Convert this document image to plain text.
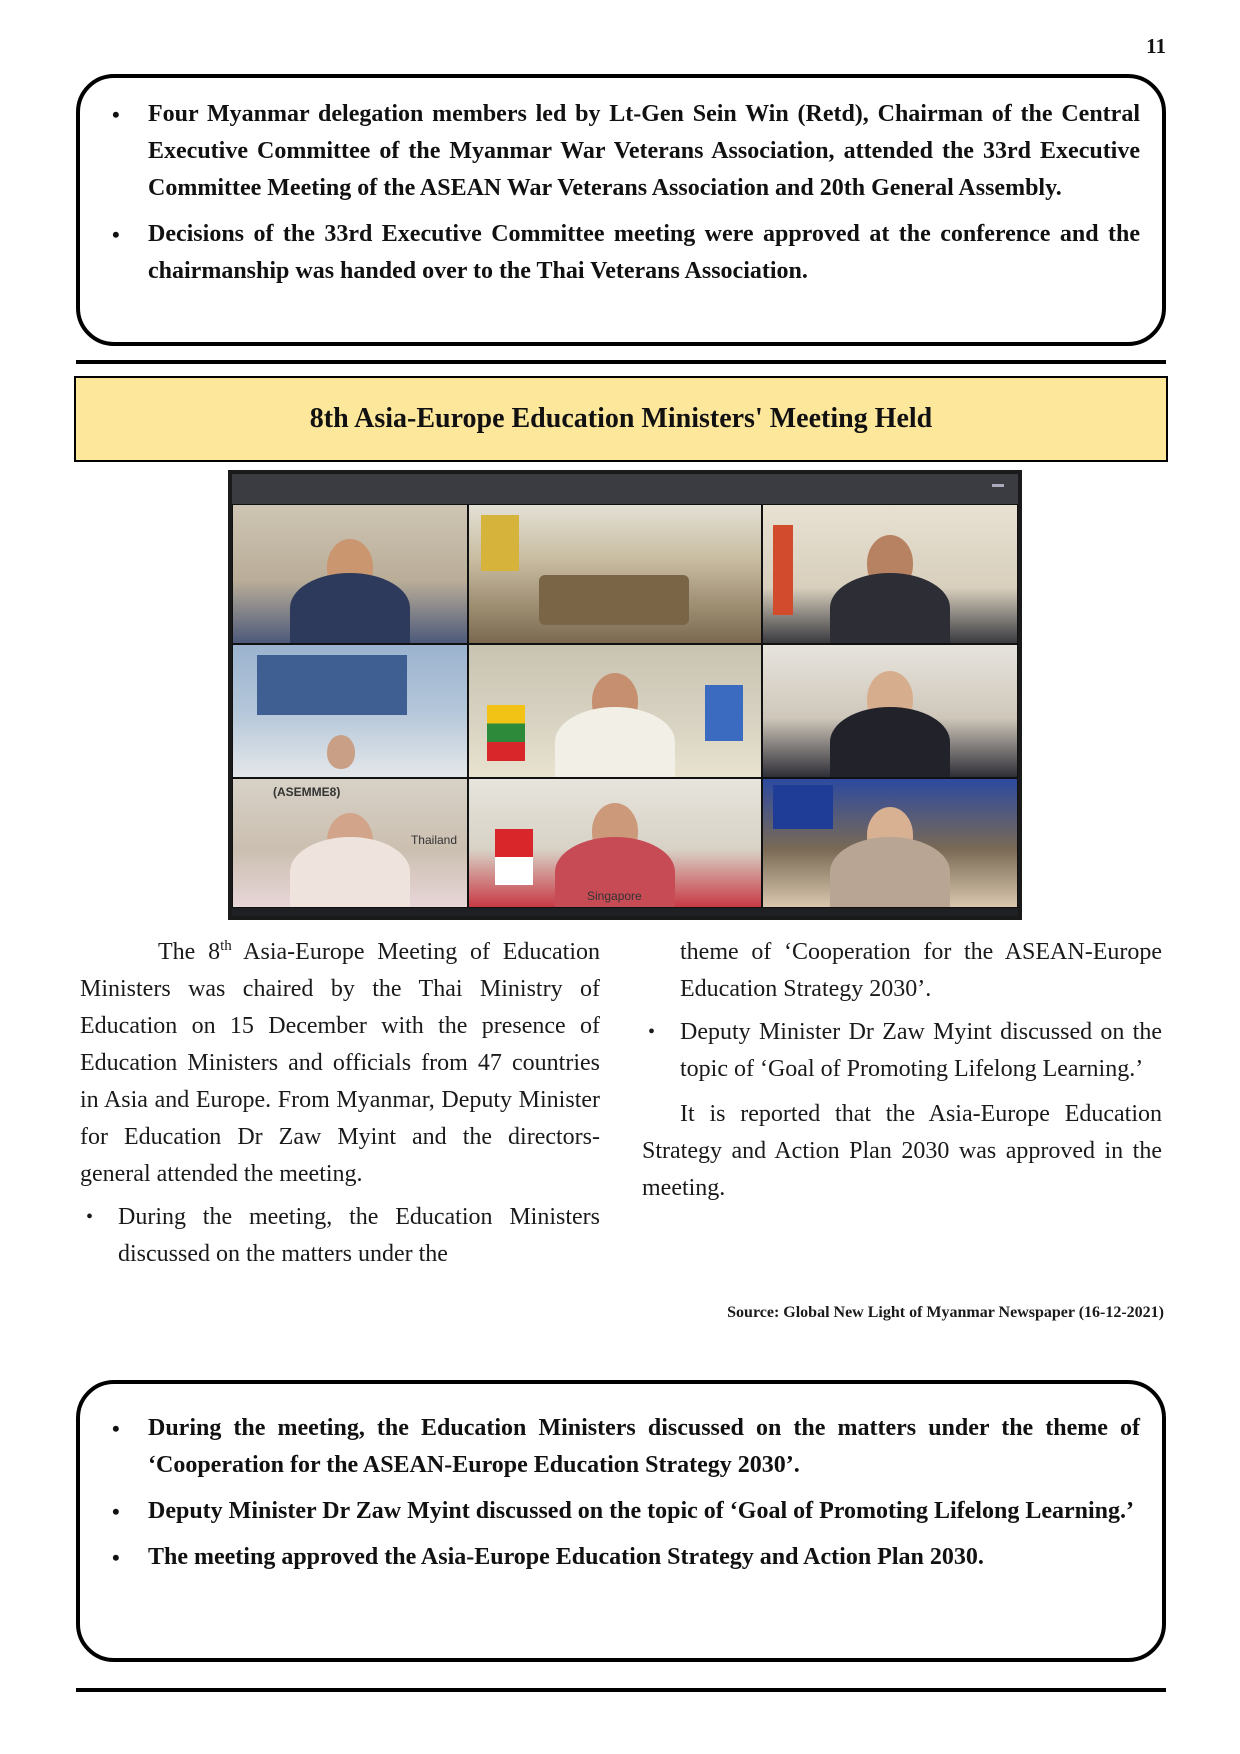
11
• Four Myanmar delegation members led by Lt-Gen Sein Win (Retd), Chairman of the Central Executive Committee of the Myanmar War Veterans Association, attended the 33rd Executive Committee Meeting of the ASEAN War Veterans Association and 20th General Assembly.
• Decisions of the 33rd Executive Committee meeting were approved at the conference and the chairmanship was handed over to the Thai Veterans Association.
8th Asia-Europe Education Ministers' Meeting Held
(ASEMME8)
Thailand
Singapore

The 8th Asia-Europe Meeting of Education Ministers was chaired by the Thai Ministry of Education on 15 December with the presence of Education Ministers and officials from 47 countries in Asia and Europe. From Myanmar, Deputy Minister for Education Dr Zaw Myint and the directors-general attended the meeting.

• During the meeting, the Education Ministers discussed on the matters under the

theme of ‘Cooperation for the ASEAN-Europe Education Strategy 2030’.

• Deputy Minister Dr Zaw Myint discussed on the topic of ‘Goal of Promoting Lifelong Learning.’

It is reported that the Asia-Europe Education Strategy and Action Plan 2030 was approved in the meeting.

Source: Global New Light of Myanmar Newspaper (16-12-2021)
• During the meeting, the Education Ministers discussed on the matters under the theme of ‘Cooperation for the ASEAN-Europe Education Strategy 2030’.
• Deputy Minister Dr Zaw Myint discussed on the topic of ‘Goal of Promoting Lifelong Learning.’
• The meeting approved the Asia-Europe Education Strategy and Action Plan 2030.
